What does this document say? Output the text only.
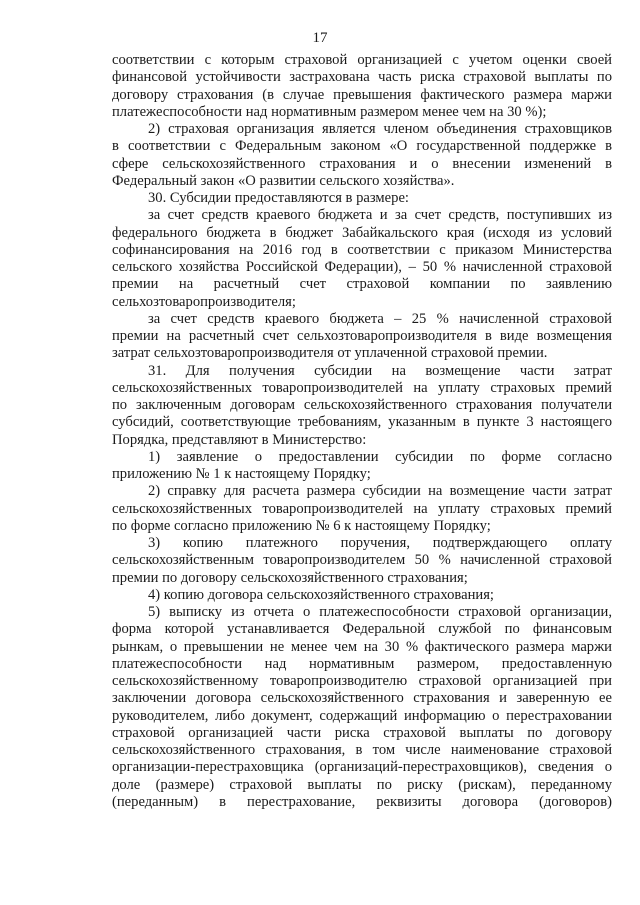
17
соответствии с которым страховой организацией с учетом оценки своей
финансовой устойчивости застрахована часть риска страховой выплаты по
договору страхования (в случае превышения фактического размера маржи
платежеспособности над нормативным размером менее чем на 30 %);
2) страховая организация является членом объединения страховщиков
в соответствии с Федеральным законом «О государственной поддержке в
сфере сельскохозяйственного страхования и о внесении изменений в
Федеральный закон «О развитии сельского хозяйства».
30. Субсидии предоставляются в размере:
за счет средств краевого бюджета и за счет средств, поступивших из
федерального бюджета в бюджет Забайкальского края (исходя из условий
софинансирования на 2016 год в соответствии с приказом Министерства
сельского хозяйства Российской Федерации), – 50 % начисленной страховой
премии на расчетный счет страховой компании по заявлению
сельхозтоваропроизводителя;
за счет средств краевого бюджета – 25 % начисленной страховой
премии на расчетный счет сельхозтоваропроизводителя в виде возмещения
затрат сельхозтоваропроизводителя от уплаченной страховой премии.
31. Для получения субсидии на возмещение части затрат
сельскохозяйственных товаропроизводителей на уплату страховых премий
по заключенным договорам сельскохозяйственного страхования получатели
субсидий, соответствующие требованиям, указанным в пункте 3 настоящего
Порядка, представляют в Министерство:
1) заявление о предоставлении субсидии по форме согласно
приложению № 1 к настоящему Порядку;
2) справку для расчета размера субсидии на возмещение части затрат
сельскохозяйственных товаропроизводителей на уплату страховых премий
по форме согласно приложению № 6 к настоящему Порядку;
3) копию платежного поручения, подтверждающего оплату
сельскохозяйственным товаропроизводителем 50 % начисленной страховой
премии по договору сельскохозяйственного страхования;
4) копию договора сельскохозяйственного страхования;
5) выписку из отчета о платежеспособности страховой организации,
форма которой устанавливается Федеральной службой по финансовым
рынкам, о превышении не менее чем на 30 % фактического размера маржи
платежеспособности над нормативным размером, предоставленную
сельскохозяйственному товаропроизводителю страховой организацией при
заключении договора сельскохозяйственного страхования и заверенную ее
руководителем, либо документ, содержащий информацию о перестраховании
страховой организацией части риска страховой выплаты по договору
сельскохозяйственного страхования, в том числе наименование страховой
организации-перестраховщика (организаций-перестраховщиков), сведения о
доле (размере) страховой выплаты по риску (рискам), переданному
(переданным) в перестрахование, реквизиты договора (договоров)
